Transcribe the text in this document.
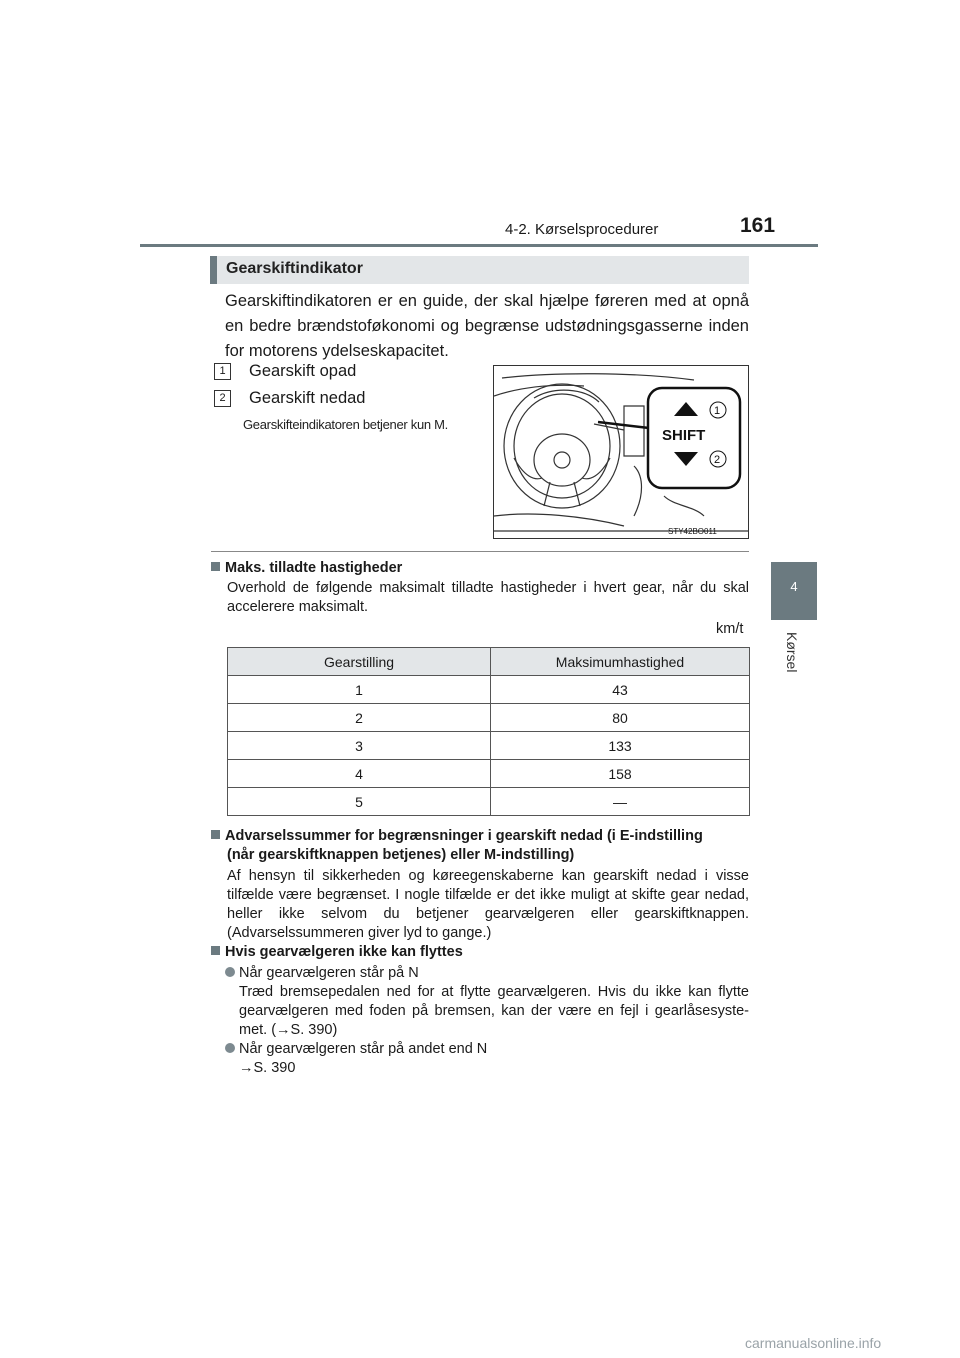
4-2. Kørselsprocedurer	161
4
Kørsel
Gearskiftindikator
Gearskiftindikatoren er en guide, der skal hjælpe føreren med at opnå en bedre brændstoføkonomi og begrænse udstødningsgasserne inden for motorens ydelseskapacitet.
1 Gearskift opad
2 Gearskift nedad
Gearskifteindikatoren betjener kun M.
SHIFT
1
2
STY42BO011
Maks. tilladte hastigheder
Overhold de følgende maksimalt tilladte hastigheder i hvert gear, når du skal accelerere maksimalt.
km/t
Gearstilling	Maksimumhastighed
1	43
2	80
3	133
4	158
5	—
Advarselssummer for begrænsninger i gearskift nedad (i E-indstilling
(når gearskiftknappen betjenes) eller M-indstilling)
Af hensyn til sikkerheden og køreegenskaberne kan gearskift nedad i visse tilfælde være begrænset. I nogle tilfælde er det ikke muligt at skifte gear nedad, heller ikke selvom du betjener gearvælgeren eller gearskiftknappen. (Advarselssummeren giver lyd to gange.)
Hvis gearvælgeren ikke kan flyttes
Når gearvælgeren står på N
Træd bremsepedalen ned for at flytte gearvælgeren. Hvis du ikke kan flytte gearvælgeren med foden på bremsen, kan der være en fejl i gearlåsesyste-met. (→S. 390)
Når gearvælgeren står på andet end N
→S. 390
carmanualsonline.info
